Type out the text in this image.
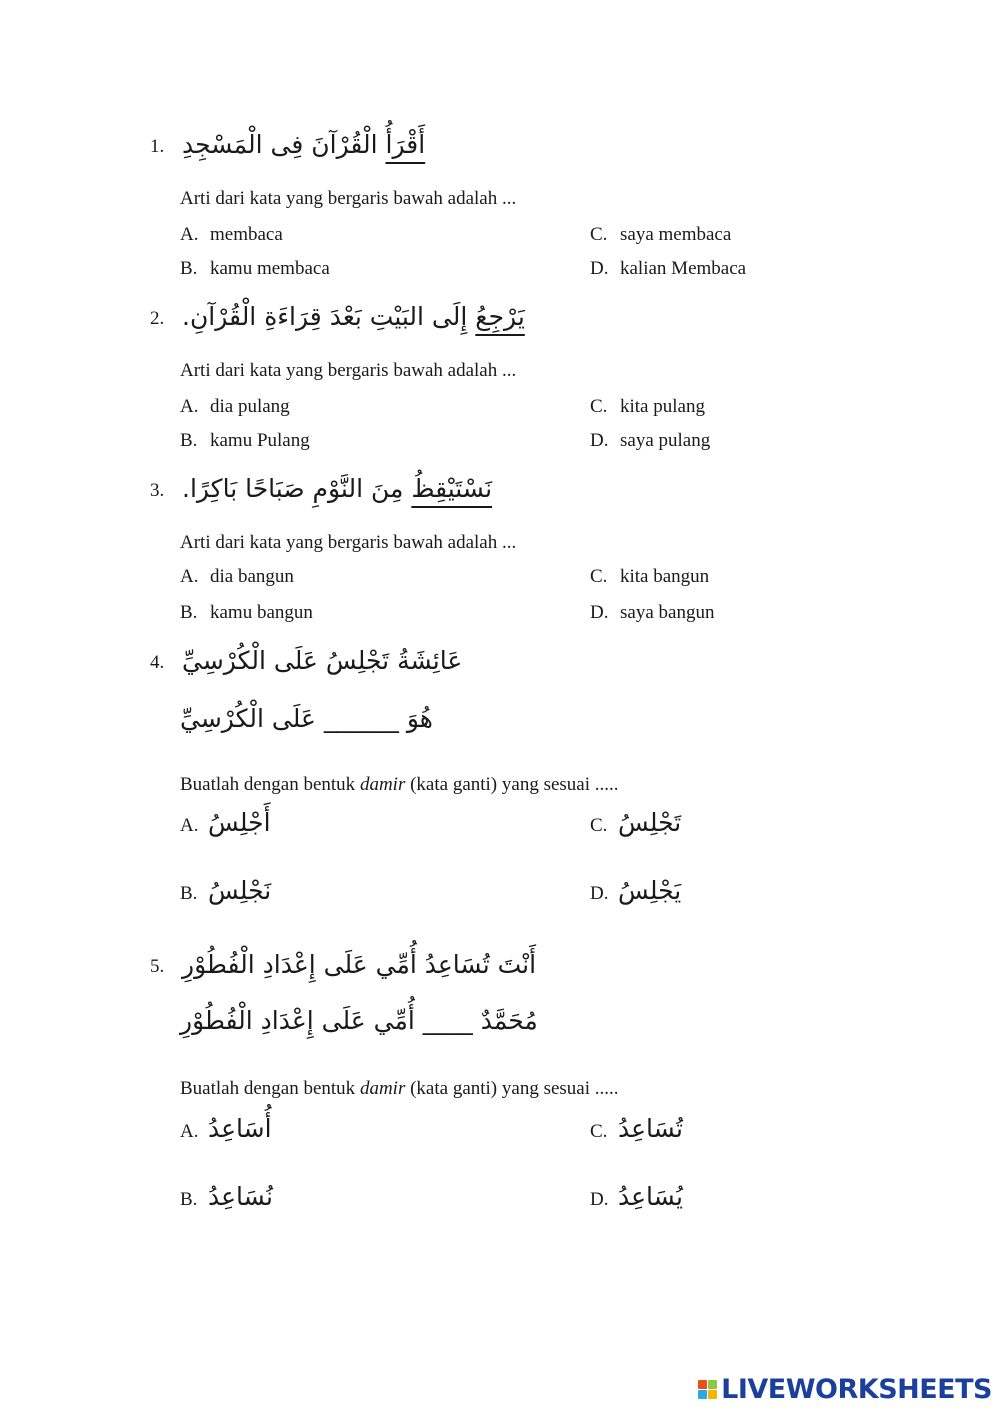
1.	أَقْرَأُ الْقُرْآنَ فِى الْمَسْجِدِ
Arti dari kata yang bergaris bawah adalah ...
A. membaca	C. saya membaca
B. kamu membaca	D. kalian Membaca
2.	يَرْجِعُ إِلَى البَيْتِ بَعْدَ قِرَاءَةِ الْقُرْآنِ.
Arti dari kata yang bergaris bawah adalah ...
A. dia pulang	C. kita pulang
B. kamu Pulang	D. saya pulang
3.	نَسْتَيْقِظُ مِنَ النَّوْمِ صَبَاحًا بَاكِرًا.
Arti dari kata yang bergaris bawah adalah ...
A. dia bangun	C. kita bangun
B. kamu bangun	D. saya bangun
4. عَائِشَةُ تَجْلِسُ عَلَى الْكُرْسِيِّ
هُوَ ______ عَلَى الْكُرْسِيِّ
Buatlah dengan bentuk damir (kata ganti) yang sesuai .....
A. أَجْلِسُ	C. تَجْلِسُ
B. نَجْلِسُ	D. يَجْلِسُ
5. أَنْتَ تُسَاعِدُ أُمِّي عَلَى إِعْدَادِ الْفُطُوْرِ
مُحَمَّدٌ ____ أُمِّي عَلَى إِعْدَادِ الْفُطُوْرِ
Buatlah dengan bentuk damir (kata ganti) yang sesuai .....
A. أُسَاعِدُ	C. تُسَاعِدُ
B. نُسَاعِدُ	D. يُسَاعِدُ
LIVEWORKSHEETS
